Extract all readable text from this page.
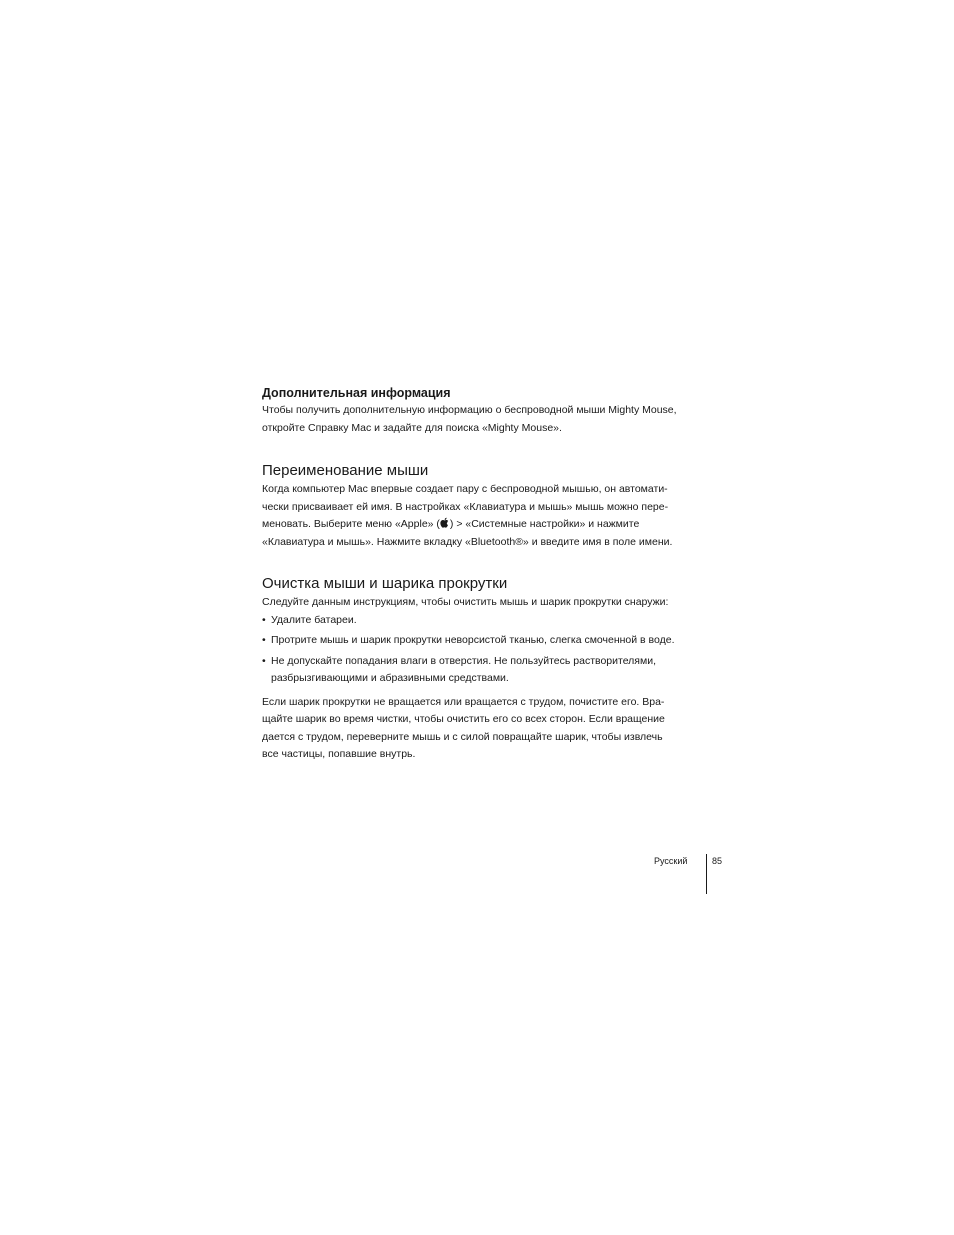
Дополнительная информация

Чтобы получить дополнительную информацию о беспроводной мыши Mighty Mouse,

откройте Справку Mac и задайте для поиска «Mighty Mouse».

Переименование мыши

Когда компьютер Mac впервые создает пару с беспроводной мышью, он автомати-

чески присваивает ей имя. В настройках «Клавиатура и мышь» мышь можно пере-

меновать. Выберите меню «Apple» ( ) > «Системные настройки» и нажмите

«Клавиатура и мышь». Нажмите вкладку «Bluetooth®» и введите имя в поле имени.

Очистка мыши и шарика прокрутки

Следуйте данным инструкциям, чтобы очистить мышь и шарик прокрутки снаружи:

• Удалите батареи.
• Протрите мышь и шарик прокрутки неворсистой тканью, слегка смоченной в воде.
• Не допускайте попадания влаги в отверстия. Не пользуйтесь растворителями,
разбрызгивающими и абразивными средствами.

Если шарик прокрутки не вращается или вращается с трудом, почистите его. Вра-

щайте шарик во время чистки, чтобы очистить его со всех сторон. Если вращение

дается с трудом, переверните мышь и с силой повращайте шарик, чтобы извлечь

все частицы, попавшие внутрь.

Русский	85
